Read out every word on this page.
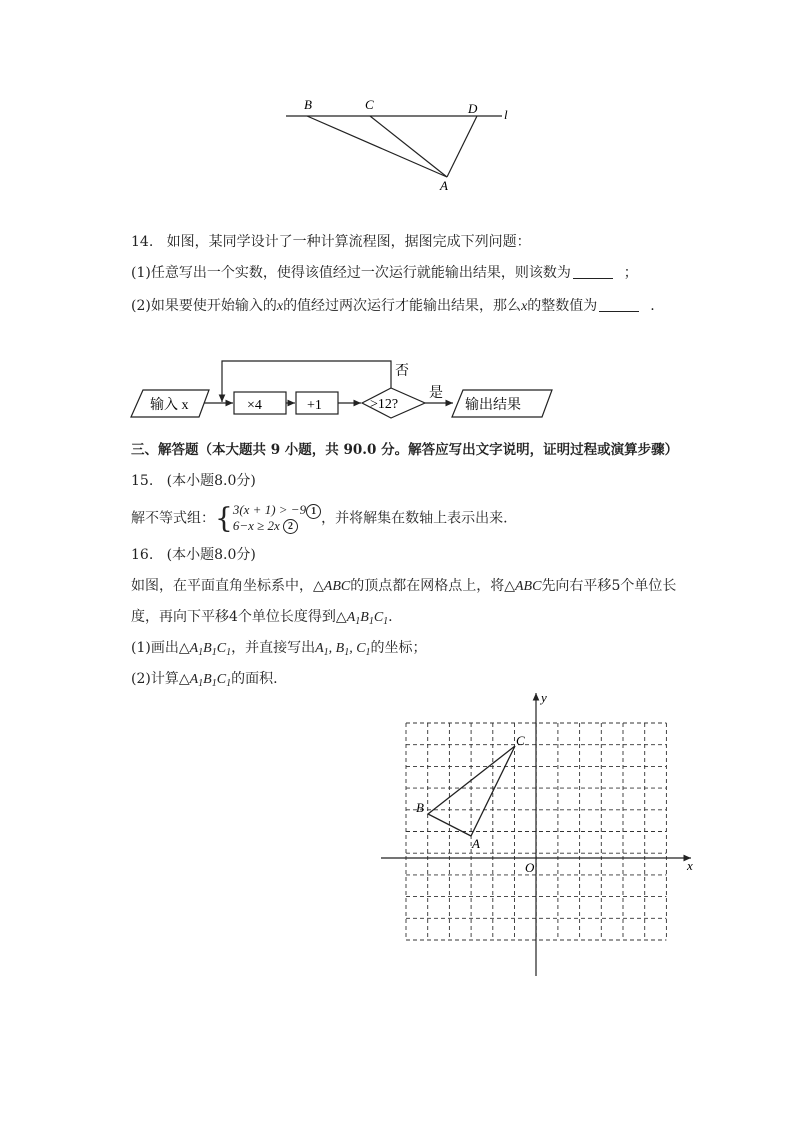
B	C	D l
A
14. 如图，某同学设计了一种计算流程图，据图完成下列问题：
(1)任意写出一个实数，使得该值经过一次运行就能输出结果，则该数为	；
(2)如果要使开始输入的x的值经过两次运行才能输出结果，那么x的整数值为	.
输入 x	×4	+1	>12?
否
是
输出结果
三、解答题（本大题共 9 小题，共 90.0 分。解答应写出文字说明，证明过程或演算步骤）
15. (本小题8.0分)
解不等式组：{3(x + 1) > −9 1
6−x ≥ 2x 2，并将解集在数轴上表示出来.
16. (本小题8.0分)
如图，在平面直角坐标系中，△ABC的顶点都在网格点上，将△ABC先向右平移5个单位长
度，再向下平移4个单位长度得到$\triangle A_1B_1C_1$.
(1)画出$\triangle A_1B_1C_1$，并直接写出$A_1$, $B_1$, $C_1$的坐标；
(2)计算$\triangle A_1B_1C_1$的面积.
x
y
O
A
B
C
